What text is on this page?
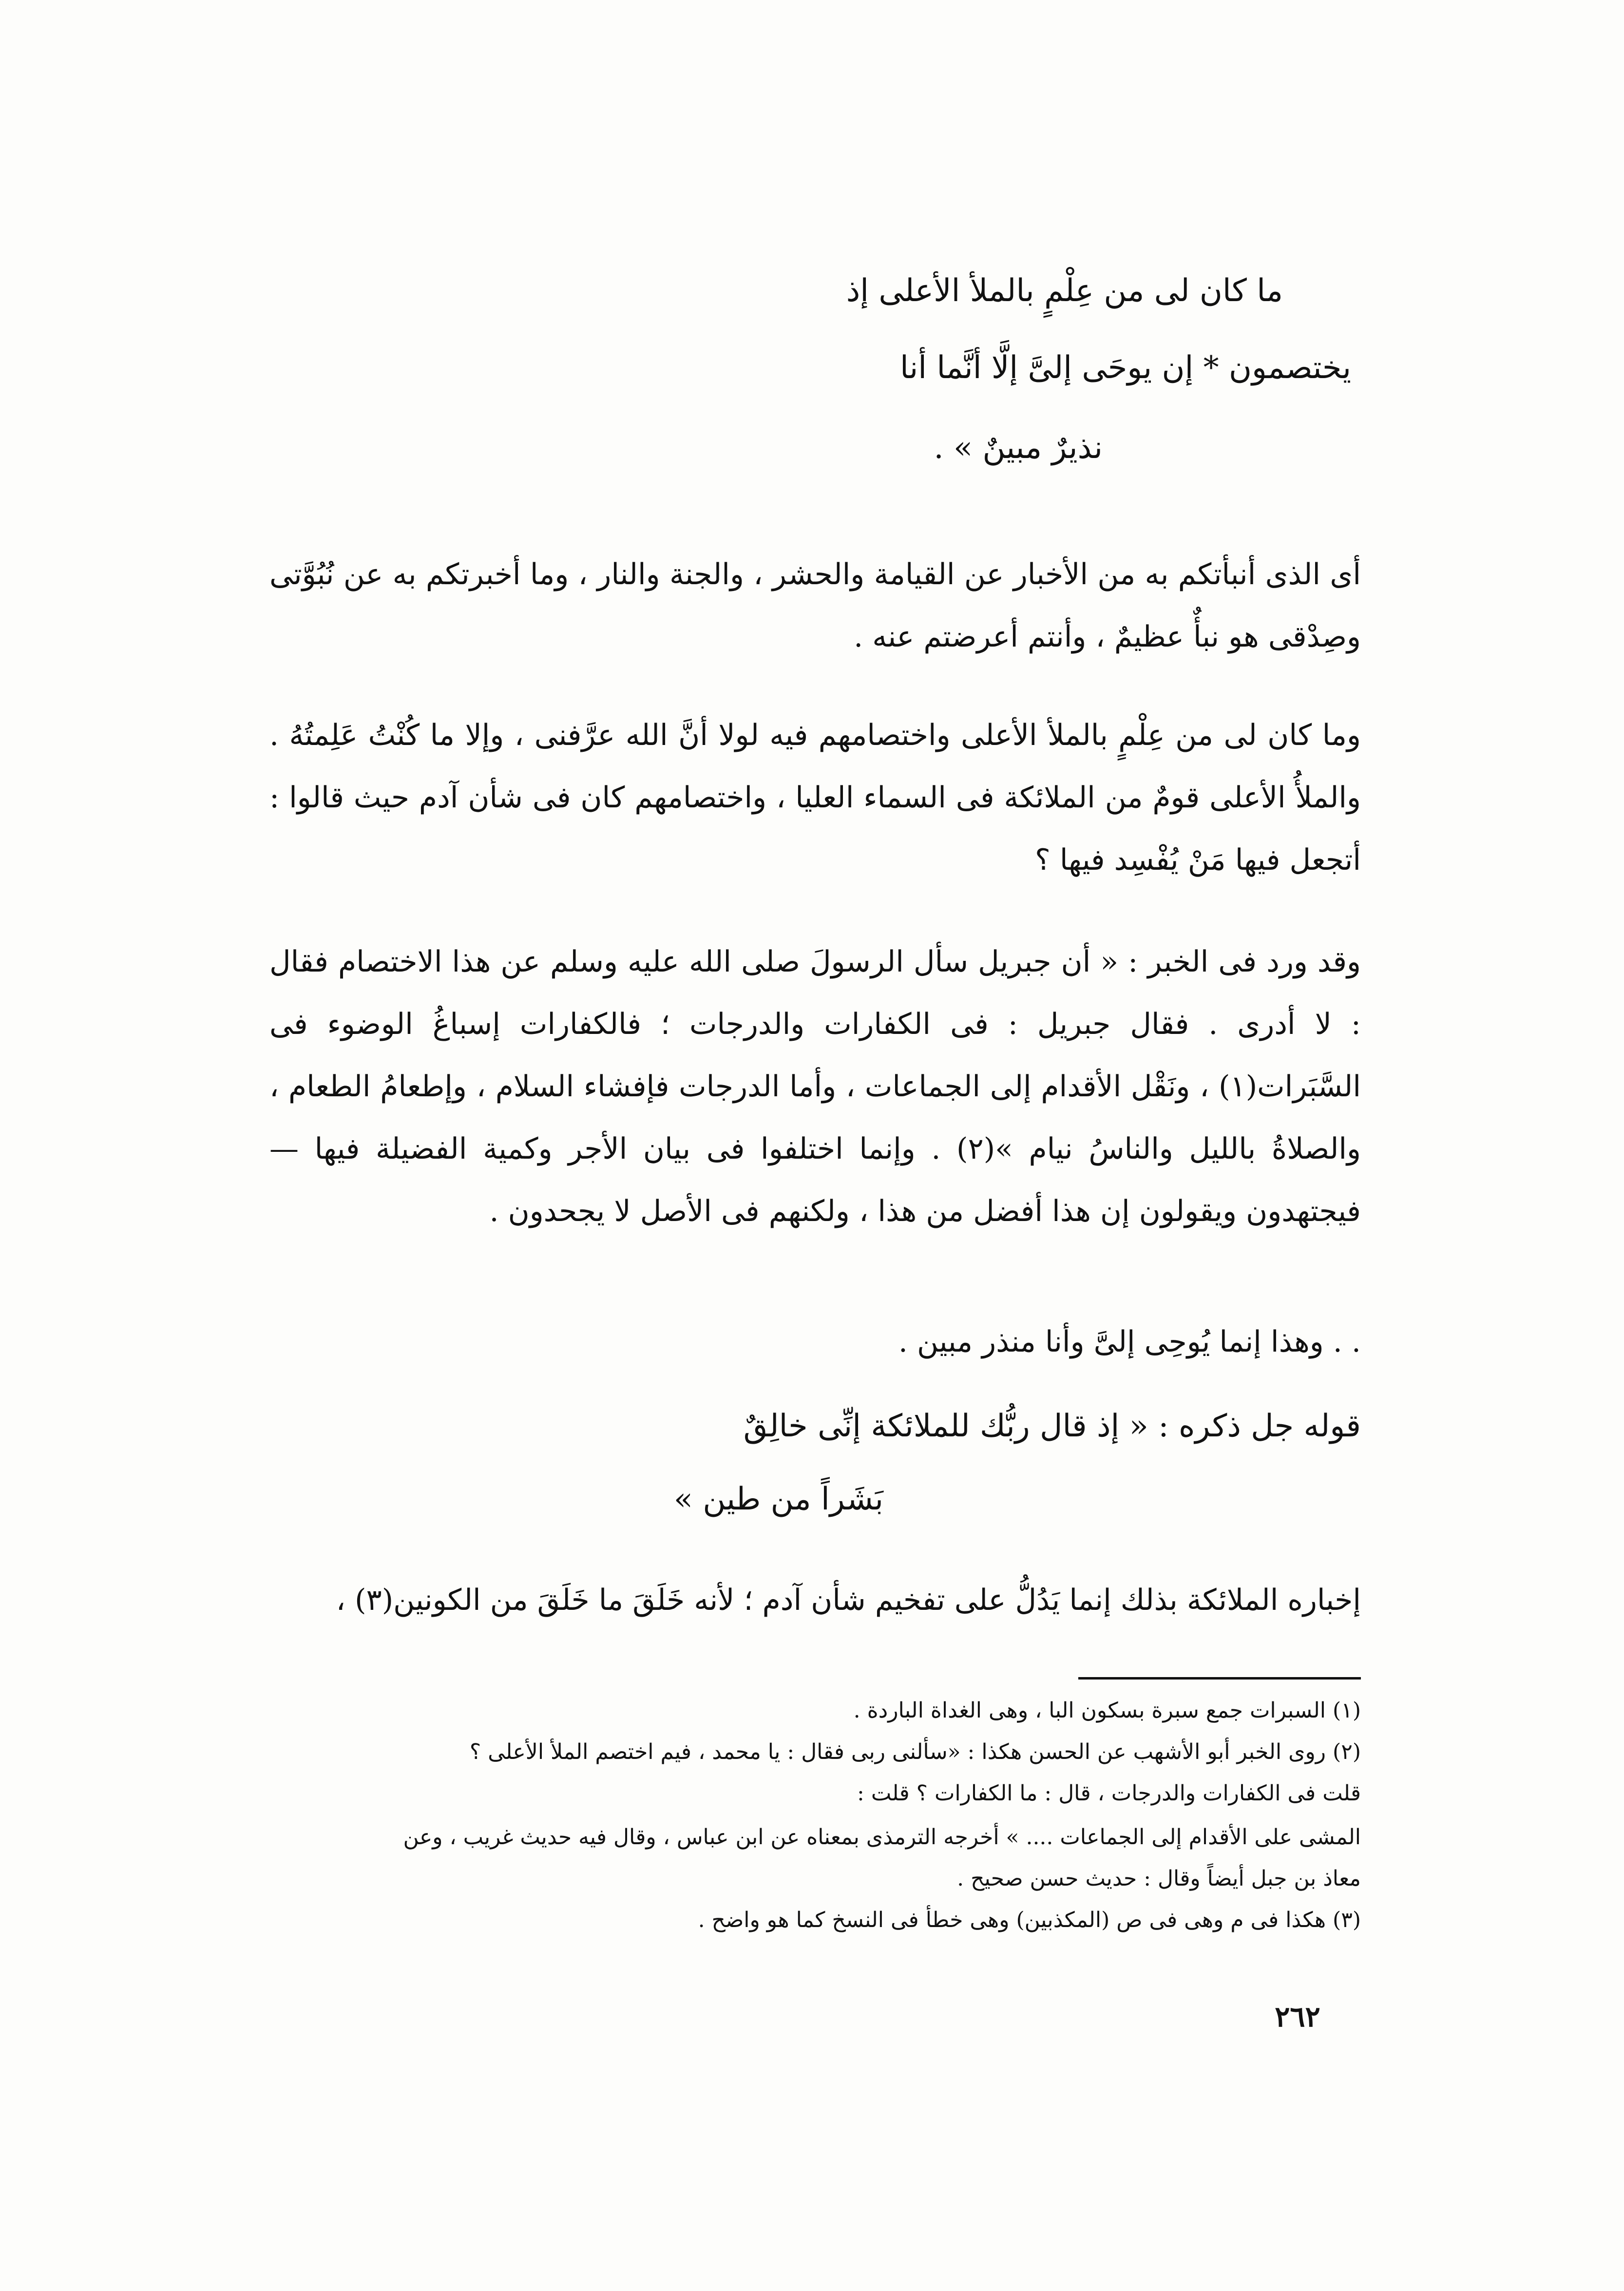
ما كان لى من عِلْمٍ بالملأ الأعلى إذ
يختصمون * إن يوحَى إلىَّ إلَّا أنَّما أنا
نذيرٌ مبينٌ » .
أى الذى أنبأتكم به من الأخبار عن القيامة والحشر ، والجنة والنار ، وما أخبرتكم به عن نُبُوَّتى وصِدْقى هو نبأٌ عظيمٌ ، وأنتم أعرضتم عنه .
وما كان لى من عِلْمٍ بالملأ الأعلى واختصامهم فيه لولا أنَّ الله عرَّفنى ، وإلا ما كُنْتُ عَلِمتُهُ . والملأُ الأعلى قومٌ من الملائكة فى السماء العليا ، واختصامهم كان فى شأن آدم حيث قالوا : أتجعل فيها مَنْ يُفْسِد فيها ؟
وقد ورد فى الخبر : « أن جبريل سأل الرسولَ صلى الله عليه وسلم عن هذا الاختصام فقال : لا أدرى . فقال جبريل : فى الكفارات والدرجات ؛ فالكفارات إسباغُ الوضوء فى السَّبَرات(١) ، ونَقْل الأقدام إلى الجماعات ، وأما الدرجات فإفشاء السلام ، وإطعامُ الطعام ، والصلاةُ بالليل والناسُ نيام »(٢) . وإنما اختلفوا فى بيان الأجر وكمية الفضيلة فيها — فيجتهدون ويقولون إن هذا أفضل من هذا ، ولكنهم فى الأصل لا يجحدون .
. . وهذا إنما يُوحِى إلىَّ وأنا منذر مبين .
قوله جل ذكره : « إذ قال ربُّك للملائكة إنِّى خالِقٌ
بَشَراً من طين »
إخباره الملائكة بذلك إنما يَدُلُّ على تفخيم شأن آدم ؛ لأنه خَلَقَ ما خَلَقَ من الكونين(٣) ،
(١) السبرات جمع سبرة بسكون البا ، وهى الغداة الباردة .
(٢) روى الخبر أبو الأشهب عن الحسن هكذا : «سألنى ربى فقال : يا محمد ، فيم اختصم الملأ الأعلى ؟
قلت فى الكفارات والدرجات ، قال : ما الكفارات ؟ قلت :
المشى على الأقدام إلى الجماعات .... » أخرجه الترمذى بمعناه عن ابن عباس ، وقال فيه حديث غريب ، وعن
معاذ بن جبل أيضاً وقال : حديث حسن صحيح .
(٣) هكذا فى م وهى فى ص (المكذبين) وهى خطأ فى النسخ كما هو واضح .
٢٦٢
